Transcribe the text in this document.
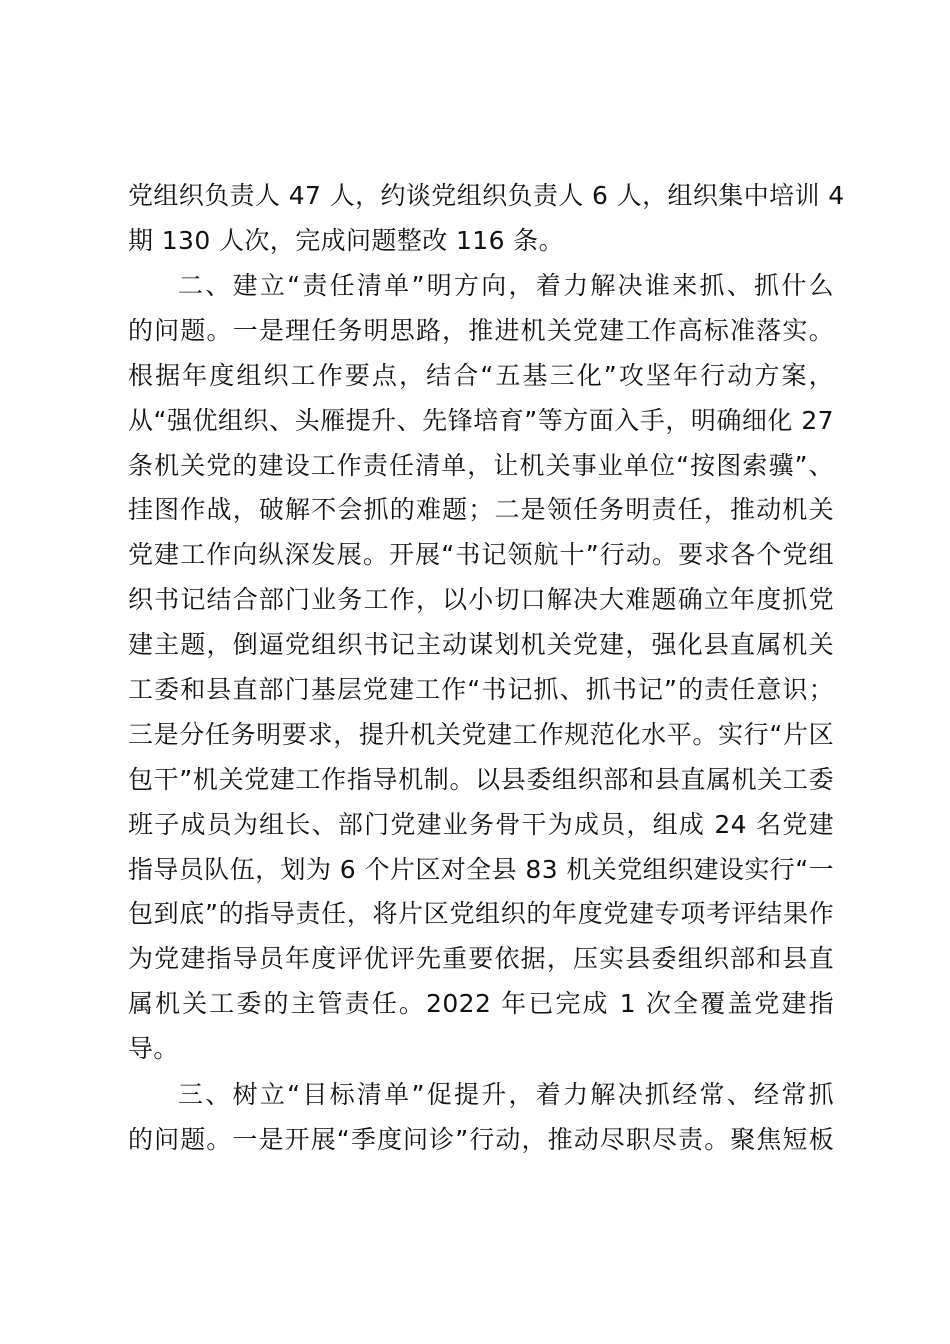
党组织负责人 47 人，约谈党组织负责人 6 人，组织集中培训 4
期 130 人次，完成问题整改 116 条。
二、建立“责任清单”明方向，着力解决谁来抓、抓什么
的问题。一是理任务明思路，推进机关党建工作高标准落实。
根据年度组织工作要点，结合“五基三化”攻坚年行动方案，
从“强优组织、头雁提升、先锋培育”等方面入手，明确细化 27
条机关党的建设工作责任清单，让机关事业单位“按图索骥”、
挂图作战，破解不会抓的难题；二是领任务明责任，推动机关
党建工作向纵深发展。开展“书记领航十”行动。要求各个党组
织书记结合部门业务工作，以小切口解决大难题确立年度抓党
建主题，倒逼党组织书记主动谋划机关党建，强化县直属机关
工委和县直部门基层党建工作“书记抓、抓书记”的责任意识；
三是分任务明要求，提升机关党建工作规范化水平。实行“片区
包干”机关党建工作指导机制。以县委组织部和县直属机关工委
班子成员为组长、部门党建业务骨干为成员，组成 24 名党建
指导员队伍，划为 6 个片区对全县 83 机关党组织建设实行“一
包到底”的指导责任，将片区党组织的年度党建专项考评结果作
为党建指导员年度评优评先重要依据，压实县委组织部和县直
属机关工委的主管责任。2022 年已完成 1 次全覆盖党建指
导。
三、树立“目标清单”促提升，着力解决抓经常、经常抓
的问题。一是开展“季度问诊”行动，推动尽职尽责。聚焦短板
